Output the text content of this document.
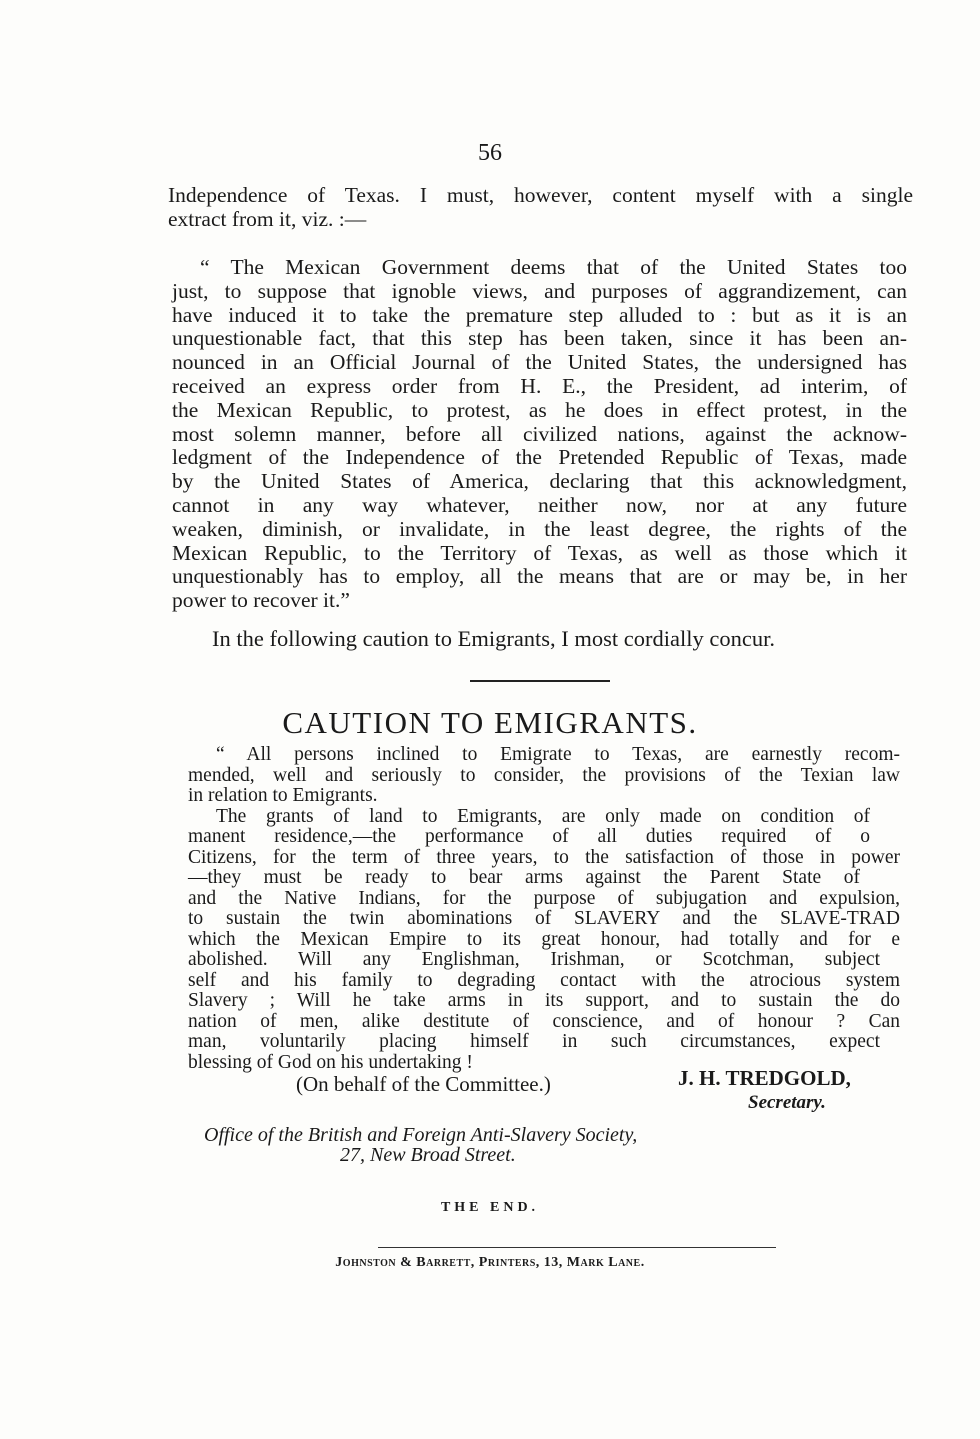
56
Independence of Texas. I must, however, content myself with a single
extract from it, viz. :—
“ The Mexican Government deems that of the United States too
just, to suppose that ignoble views, and purposes of aggrandizement, can
have induced it to take the premature step alluded to : but as it is an
unquestionable fact, that this step has been taken, since it has been an-
nounced in an Official Journal of the United States, the undersigned has
received an express order from H. E., the President, ad interim, of
the Mexican Republic, to protest, as he does in effect protest, in the
most solemn manner, before all civilized nations, against the acknow-
ledgment of the Independence of the Pretended Republic of Texas, made
by the United States of America, declaring that this acknowledgment,
cannot in any way whatever, neither now, nor at any future
weaken, diminish, or invalidate, in the least degree, the rights of the
Mexican Republic, to the Territory of Texas, as well as those which it
unquestionably has to employ, all the means that are or may be, in her
power to recover it.”
In the following caution to Emigrants, I most cordially concur.
CAUTION TO EMIGRANTS.
“ All persons inclined to Emigrate to Texas, are earnestly recom-
mended, well and seriously to consider, the provisions of the Texian law
in relation to Emigrants.
The grants of land to Emigrants, are only made on condition of
manent residence,—the performance of all duties required of o
Citizens, for the term of three years, to the satisfaction of those in power
—they must be ready to bear arms against the Parent State of
and the Native Indians, for the purpose of subjugation and expulsion,
to sustain the twin abominations of SLAVERY and the SLAVE-TRAD
which the Mexican Empire to its great honour, had totally and for e
abolished. Will any Englishman, Irishman, or Scotchman, subject
self and his family to degrading contact with the atrocious system
Slavery ; Will he take arms in its support, and to sustain the do
nation of men, alike destitute of conscience, and of honour ? Can
man, voluntarily placing himself in such circumstances, expect
blessing of God on his undertaking !
(On behalf of the Committee.)	J. H. TREDGOLD,
Secretary.
Office of the British and Foreign Anti-Slavery Society,
27, New Broad Street.
THE END.
Johnston & Barrett, Printers, 13, Mark Lane.
